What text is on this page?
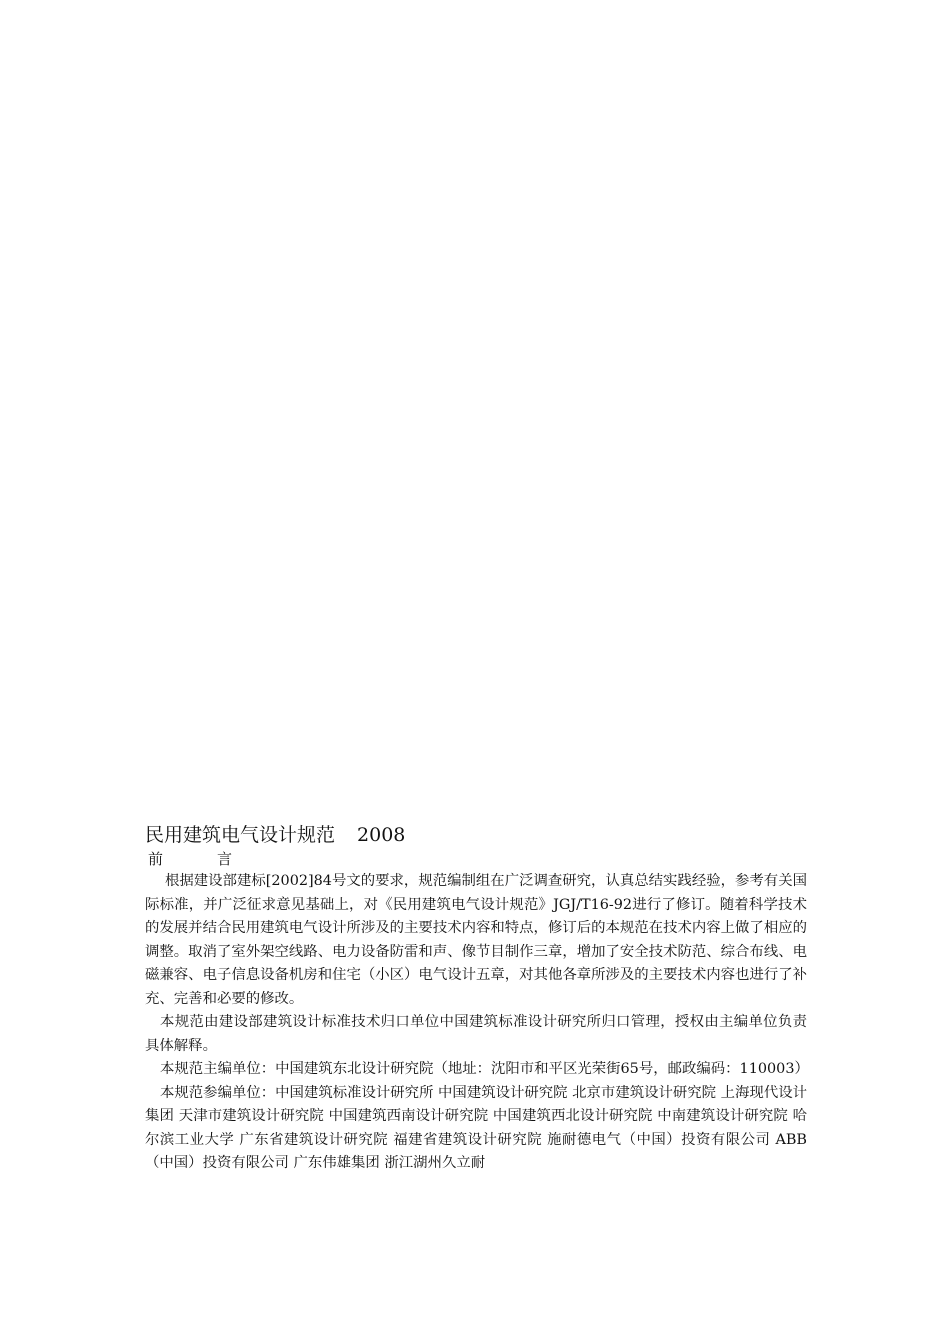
民用建筑电气设计规范 2008
前言

根据建设部建标[2002]84号文的要求，规范编制组在广泛调查研究，认真总结实践经验，参考有关国际标准，并广泛征求意见基础上，对《民用建筑电气设计规范》JGJ/T16-92进行了修订。随着科学技术的发展并结合民用建筑电气设计所涉及的主要技术内容和特点，修订后的本规范在技术内容上做了相应的调整。取消了室外架空线路、电力设备防雷和声、像节目制作三章，增加了安全技术防范、综合布线、电磁兼容、电子信息设备机房和住宅（小区）电气设计五章，对其他各章所涉及的主要技术内容也进行了补充、完善和必要的修改。

本规范由建设部建筑设计标准技术归口单位中国建筑标准设计研究所归口管理，授权由主编单位负责具体解释。

本规范主编单位：中国建筑东北设计研究院（地址：沈阳市和平区光荣街65号，邮政编码：110003）

本规范参编单位：中国建筑标准设计研究所 中国建筑设计研究院 北京市建筑设计研究院 上海现代设计集团 天津市建筑设计研究院 中国建筑西南设计研究院 中国建筑西北设计研究院 中南建筑设计研究院 哈尔滨工业大学 广东省建筑设计研究院 福建省建筑设计研究院 施耐德电气（中国）投资有限公司 ABB（中国）投资有限公司 广东伟雄集团 浙江湖州久立耐
